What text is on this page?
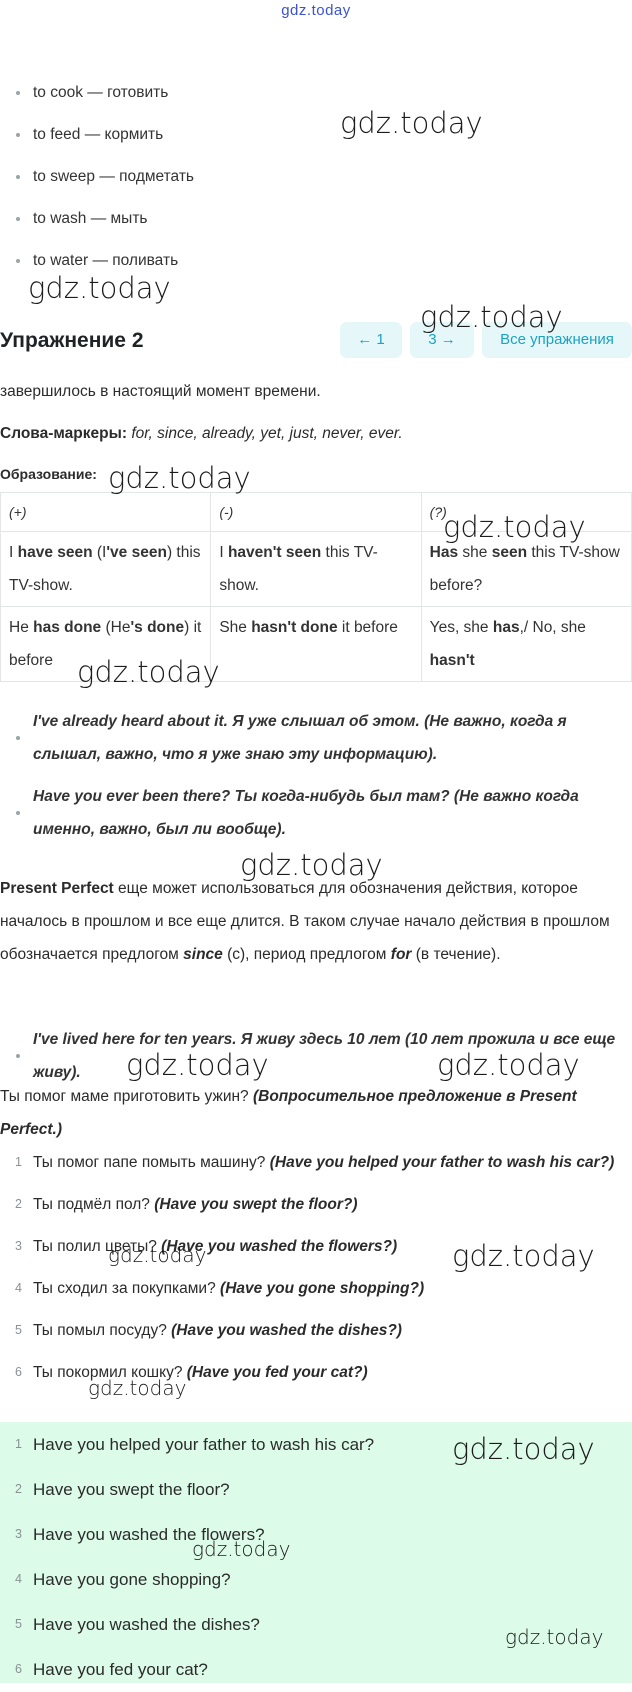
gdz.today
to cook — готовить
to feed — кормить
to sweep — подметать
to wash — мыть
to water — поливать
Упражнение 2	← 1	3 →	Все упражнения
завершилось в настоящий момент времени.
Слова-маркеры: for, since, already, yet, just, never, ever.
Образование:
(+)	(-)	(?)
I have seen (I've seen) this TV-show.	I haven't seen this TV-show.	Has she seen this TV-show before?
He has done (He's done) it before	She hasn't done it before	Yes, she has,/ No, she hasn't
I've already heard about it. Я уже слышал об этом. (Не важно, когда я слышал, важно, что я уже знаю эту информацию).
Have you ever been there? Ты когда-нибудь был там? (Не важно когда именно, важно, был ли вообще).
Present Perfect еще может использоваться для обозначения действия, которое началось в прошлом и все еще длится. В таком случае начало действия в прошлом обозначается предлогом since (с), период предлогом for (в течение).
I've lived here for ten years. Я живу здесь 10 лет (10 лет прожила и все еще живу).
Ты помог маме приготовить ужин? (Вопросительное предложение в Present Perfect.)
1 Ты помог папе помыть машину? (Have you helped your father to wash his car?)
2 Ты подмёл пол? (Have you swept the floor?)
3 Ты полил цветы? (Have you washed the flowers?)
4 Ты сходил за покупками? (Have you gone shopping?)
5 Ты помыл посуду? (Have you washed the dishes?)
6 Ты покормил кошку? (Have you fed your cat?)
1 Have you helped your father to wash his car?
2 Have you swept the floor?
3 Have you washed the flowers?
4 Have you gone shopping?
5 Have you washed the dishes?
6 Have you fed your cat?
gdz.today
gdz.today
gdz.today
gdz.today
gdz.today
gdz.today
gdz.today
gdz.today	gdz.today
gdz.today	gdz.today
gdz.today
gdz.today
gdz.today
gdz.today
